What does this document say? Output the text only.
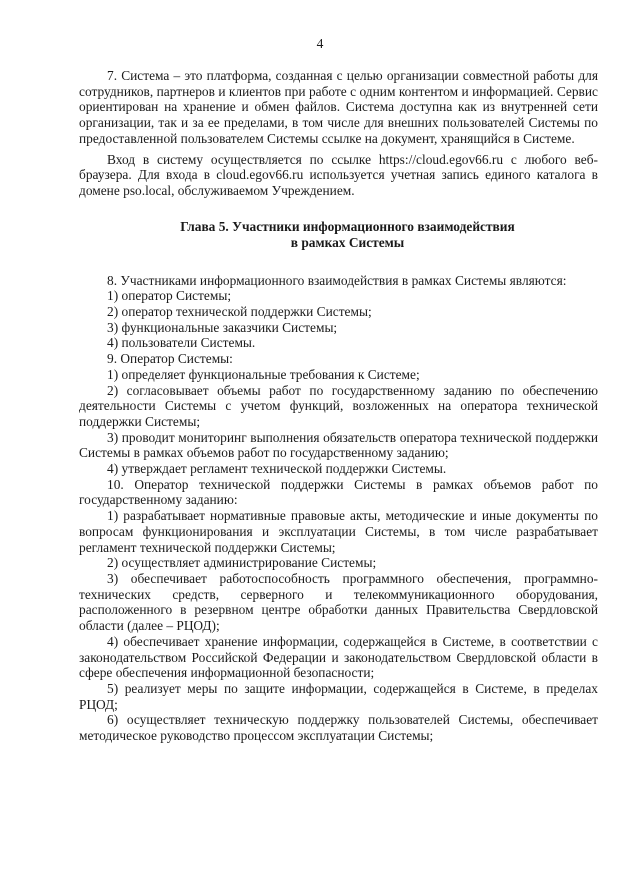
4

7. Система – это платформа, созданная с целью организации совместной работы для сотрудников, партнеров и клиентов при работе с одним контентом и информацией. Сервис ориентирован на хранение и обмен файлов. Система доступна как из внутренней сети организации, так и за ее пределами, в том числе для внешних пользователей Системы по предоставленной пользователем Системы ссылке на документ, хранящийся в Системе.

Вход в систему осуществляется по ссылке https://cloud.egov66.ru с любого веб-браузера. Для входа в cloud.egov66.ru используется учетная запись единого каталога в домене pso.local, обслуживаемом Учреждением.

Глава 5. Участники информационного взаимодействия
в рамках Системы

8. Участниками информационного взаимодействия в рамках Системы являются:

1) оператор Системы;

2) оператор технической поддержки Системы;

3) функциональные заказчики Системы;

4) пользователи Системы.

9. Оператор Системы:

1) определяет функциональные требования к Системе;

2) согласовывает объемы работ по государственному заданию по обеспечению деятельности Системы с учетом функций, возложенных на оператора технической поддержки Системы;

3) проводит мониторинг выполнения обязательств оператора технической поддержки Системы в рамках объемов работ по государственному заданию;

4) утверждает регламент технической поддержки Системы.

10. Оператор технической поддержки Системы в рамках объемов работ по государственному заданию:

1) разрабатывает нормативные правовые акты, методические и иные документы по вопросам функционирования и эксплуатации Системы, в том числе разрабатывает регламент технической поддержки Системы;

2) осуществляет администрирование Системы;

3) обеспечивает работоспособность программного обеспечения, программно-технических средств, серверного и телекоммуникационного оборудования, расположенного в резервном центре обработки данных Правительства Свердловской области (далее – РЦОД);

4) обеспечивает хранение информации, содержащейся в Системе, в соответствии с законодательством Российской Федерации и законодательством Свердловской области в сфере обеспечения информационной безопасности;

5) реализует меры по защите информации, содержащейся в Системе, в пределах РЦОД;

6) осуществляет техническую поддержку пользователей Системы, обеспечивает методическое руководство процессом эксплуатации Системы;
